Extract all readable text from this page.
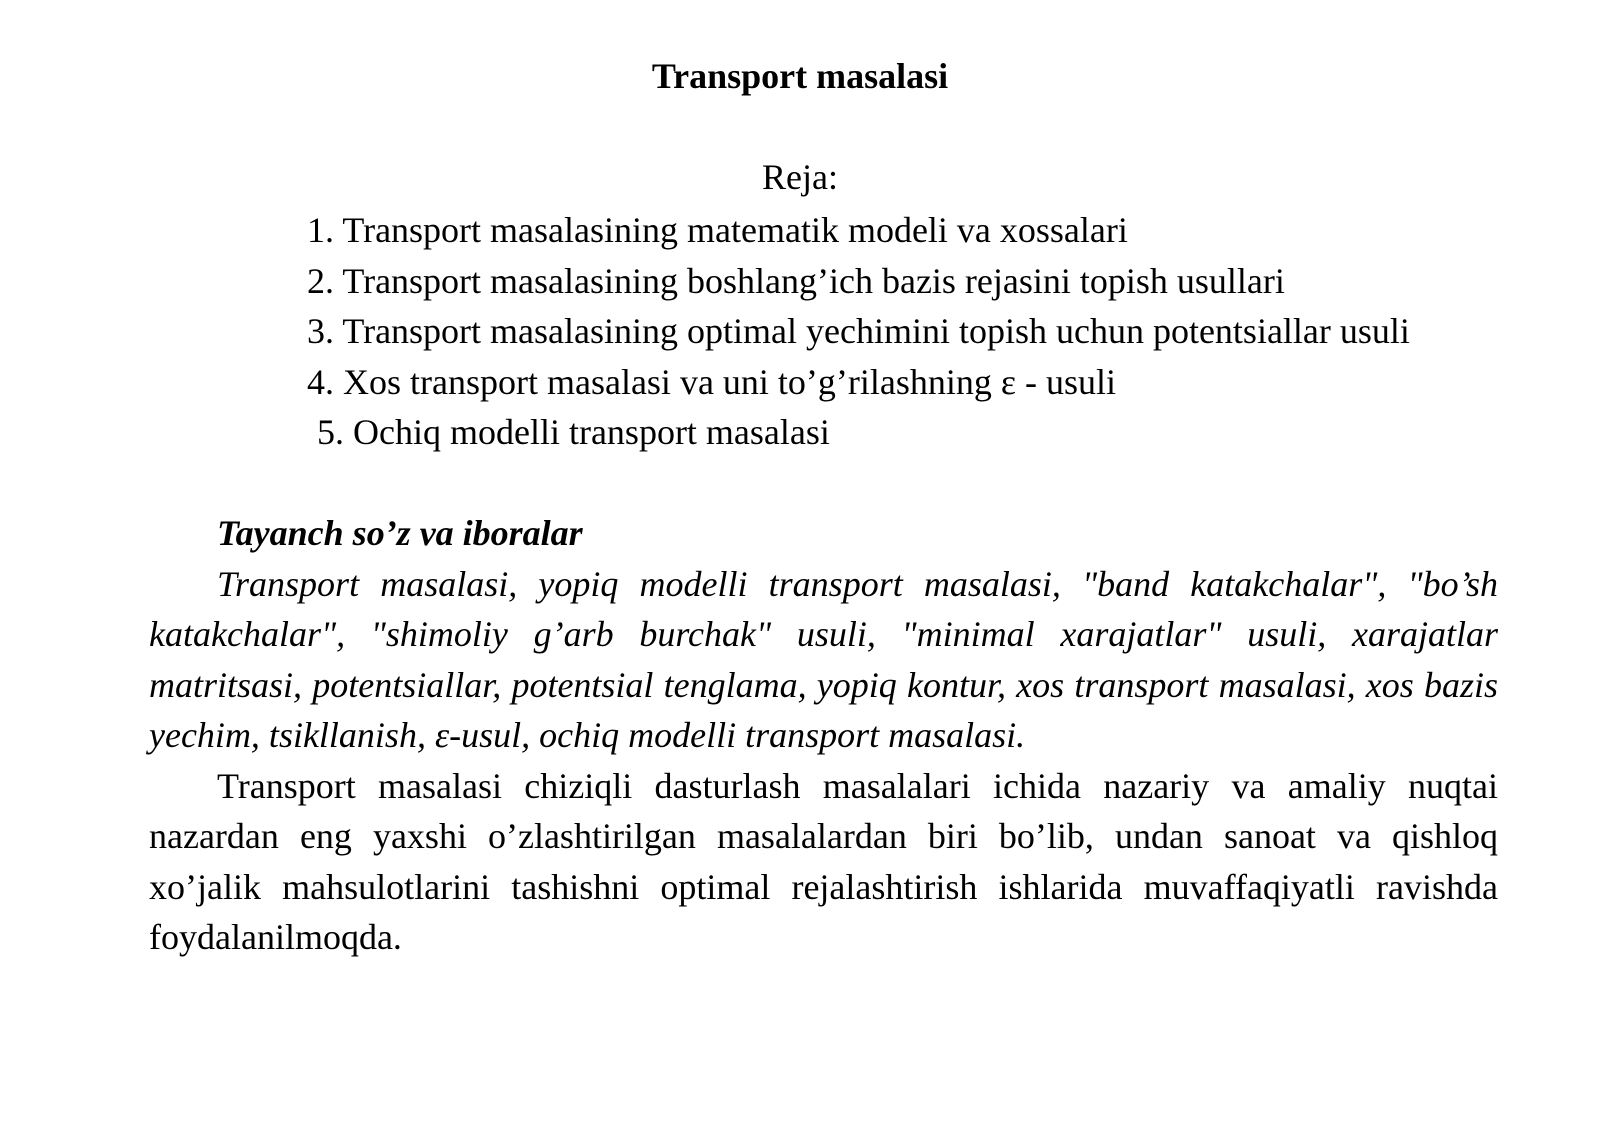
Transport masalasi
Reja:
1. Transport masalasining matematik modeli va xossalari
2. Transport masalasining boshlang’ich bazis rejasini topish usullari
3. Transport masalasining optimal yechimini topish uchun potentsiallar usuli
4. Xos transport masalasi va uni to’g’rilashning ε - usuli
5. Ochiq modelli transport masalasi

Tayanch so’z va iboralar

Transport masalasi, yopiq modelli transport masalasi, "band katakchalar", "bo’sh katakchalar", "shimoliy g’arb burchak" usuli, "minimal xarajatlar" usuli, xarajatlar matritsasi, potentsiallar, potentsial tenglama, yopiq kontur, xos transport masalasi, xos bazis yechim, tsikllanish, ε-usul, ochiq modelli transport masalasi.

Transport masalasi chiziqli dasturlash masalalari ichida nazariy va amaliy nuqtai nazardan eng yaxshi o’zlashtirilgan masalalardan biri bo’lib, undan sanoat va qishloq xo’jalik mahsulotlarini tashishni optimal rejalashtirish ishlarida muvaffaqiyatli ravishda foydalanilmoqda.
